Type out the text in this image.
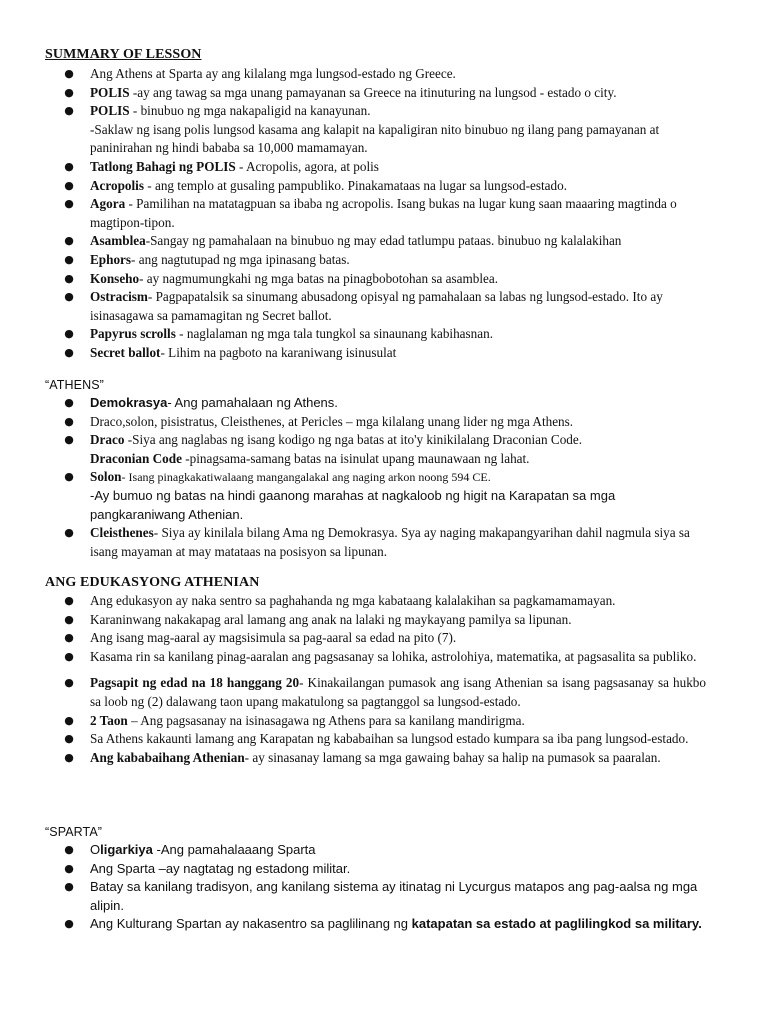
SUMMARY OF LESSON
● Ang Athens at Sparta ay ang kilalang mga lungsod-estado ng Greece.
● POLIS -ay ang tawag sa mga unang pamayanan sa Greece na itinuturing na lungsod - estado o city.
● POLIS - binubuo ng mga nakapaligid na kanayunan.
-Saklaw ng isang polis lungsod kasama ang kalapit na kapaligiran nito binubuo ng ilang pang pamayanan at paninirahan ng hindi bababa sa 10,000 mamamayan.
● Tatlong Bahagi ng POLIS - Acropolis, agora, at polis
● Acropolis - ang templo at gusaling pampubliko. Pinakamataas na lugar sa lungsod-estado.
● Agora - Pamilihan na matatagpuan sa ibaba ng acropolis. Isang bukas na lugar kung saan maaaring magtinda o magtipon-tipon.
● Asamblea-Sangay ng pamahalaan na binubuo ng may edad tatlumpu pataas. binubuo ng kalalakihan
● Ephors- ang nagtutupad ng mga ipinasang batas.
● Konseho- ay nagmumungkahi ng mga batas na pinagbobotohan sa asamblea.
● Ostracism- Pagpapatalsik sa sinumang abusadong opisyal ng pamahalaan sa labas ng lungsod-estado. Ito ay isinasagawa sa pamamagitan ng Secret ballot.
● Papyrus scrolls - naglalaman ng mga tala tungkol sa sinaunang kabihasnan.
● Secret ballot- Lihim na pagboto na karaniwang isinusulat
“ATHENS”
● Demokrasya- Ang pamahalaan ng Athens.
● Draco,solon, pisistratus, Cleisthenes, at Pericles – mga kilalang unang lider ng mga Athens.
● Draco -Siya ang naglabas ng isang kodigo ng nga batas at ito'y kinikilalang Draconian Code.
Draconian Code -pinagsama-samang batas na isinulat upang maunawaan ng lahat.
● Solon- Isang pinagkakatiwalaang mangangalakal ang naging arkon noong 594 CE.
-Ay bumuo ng batas na hindi gaanong marahas at nagkaloob ng higit na Karapatan sa mga pangkaraniwang Athenian.
● Cleisthenes- Siya ay kinilala bilang Ama ng Demokrasya. Sya ay naging makapangyarihan dahil nagmula siya sa isang mayaman at may matataas na posisyon sa lipunan.
ANG EDUKASYONG ATHENIAN
● Ang edukasyon ay naka sentro sa paghahanda ng mga kabataang kalalakihan sa pagkamamamayan.
● Karaninwang nakakapag aral lamang ang anak na lalaki ng maykayang pamilya sa lipunan.
● Ang isang mag-aaral ay magsisimula sa pag-aaral sa edad na pito (7).
● Kasama rin sa kanilang pinag-aaralan ang pagsasanay sa lohika, astrolohiya, matematika, at pagsasalita sa publiko.
● Pagsapit ng edad na 18 hanggang 20- Kinakailangan pumasok ang isang Athenian sa isang pagsasanay sa hukbo sa loob ng (2) dalawang taon upang makatulong sa pagtanggol sa lungsod-estado.
● 2 Taon – Ang pagsasanay na isinasagawa ng Athens para sa kanilang mandirigma.
● Sa Athens kakaunti lamang ang Karapatan ng kababaihan sa lungsod estado kumpara sa iba pang lungsod-estado.
● Ang kababaihang Athenian- ay sinasanay lamang sa mga gawaing bahay sa halip na pumasok sa paaralan.
“SPARTA”
● Oligarkiya -Ang pamahalaaang Sparta
● Ang Sparta –ay nagtatag ng estadong militar.
● Batay sa kanilang tradisyon, ang kanilang sistema ay itinatag ni Lycurgus matapos ang pag-aalsa ng mga alipin.
● Ang Kulturang Spartan ay nakasentro sa paglilinang ng katapatan sa estado at paglilingkod sa military.
